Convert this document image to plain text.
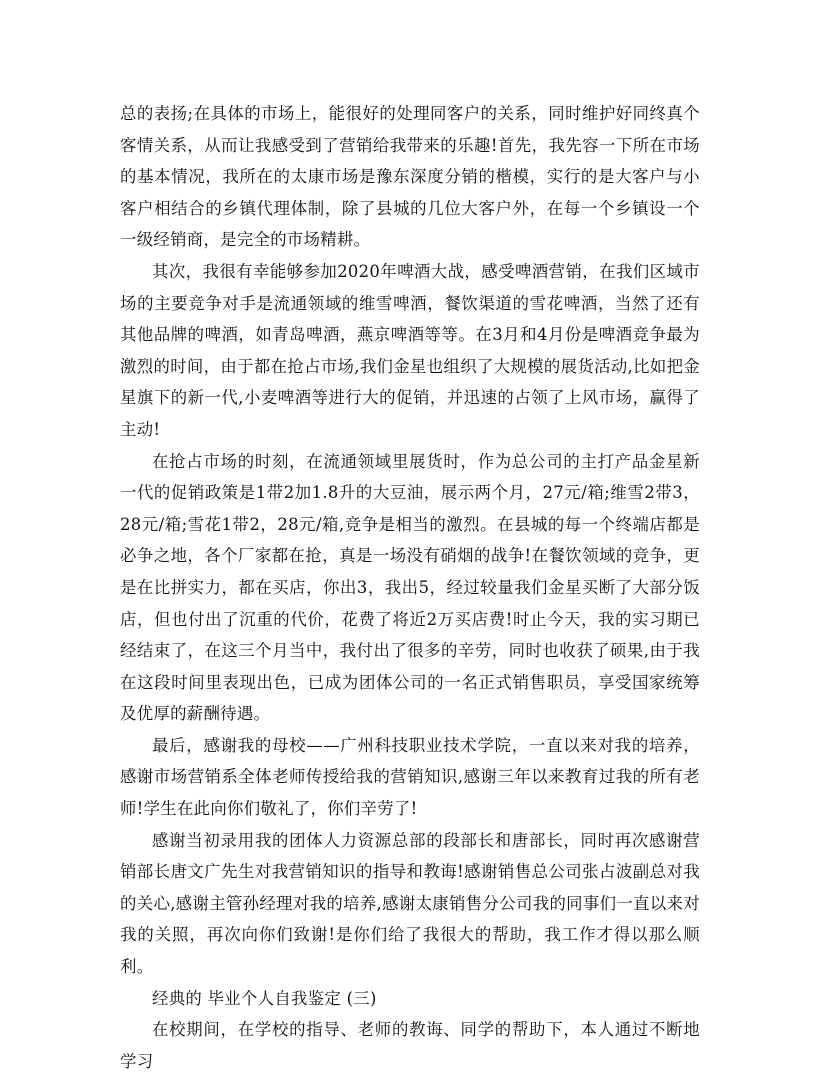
总的表扬;在具体的市场上，能很好的处理同客户的关系，同时维护好同终真个客情关系，从而让我感受到了营销给我带来的乐趣!首先，我先容一下所在市场的基本情况，我所在的太康市场是豫东深度分销的楷模，实行的是大客户与小客户相结合的乡镇代理体制，除了县城的几位大客户外，在每一个乡镇设一个一级经销商，是完全的市场精耕。

其次，我很有幸能够参加2020年啤酒大战，感受啤酒营销，在我们区域市场的主要竞争对手是流通领域的维雪啤酒，餐饮渠道的雪花啤酒，当然了还有其他品牌的啤酒，如青岛啤酒，燕京啤酒等等。在3月和4月份是啤酒竞争最为激烈的时间，由于都在抢占市场,我们金星也组织了大规模的展货活动,比如把金星旗下的新一代,小麦啤酒等进行大的促销，并迅速的占领了上风市场，赢得了主动!

在抢占市场的时刻，在流通领域里展货时，作为总公司的主打产品金星新一代的促销政策是1带2加1.8升的大豆油，展示两个月，27元/箱;维雪2带3，28元/箱;雪花1带2，28元/箱,竞争是相当的激烈。在县城的每一个终端店都是必争之地，各个厂家都在抢，真是一场没有硝烟的战争!在餐饮领域的竞争，更是在比拼实力，都在买店，你出3，我出5，经过较量我们金星买断了大部分饭店，但也付出了沉重的代价，花费了将近2万买店费!时止今天，我的实习期已经结束了，在这三个月当中，我付出了很多的辛劳，同时也收获了硕果,由于我在这段时间里表现出色，已成为团体公司的一名正式销售职员，享受国家统筹及优厚的薪酬待遇。

最后，感谢我的母校——广州科技职业技术学院，一直以来对我的培养，感谢市场营销系全体老师传授给我的营销知识,感谢三年以来教育过我的所有老师!学生在此向你们敬礼了，你们辛劳了!

感谢当初录用我的团体人力资源总部的段部长和唐部长，同时再次感谢营销部长唐文广先生对我营销知识的指导和教诲!感谢销售总公司张占波副总对我的关心,感谢主管孙经理对我的培养,感谢太康销售分公司我的同事们一直以来对我的关照，再次向你们致谢!是你们给了我很大的帮助，我工作才得以那么顺利。

经典的 毕业个人自我鉴定 (三)

在校期间，在学校的指导、老师的教诲、同学的帮助下，本人通过不断地学习
